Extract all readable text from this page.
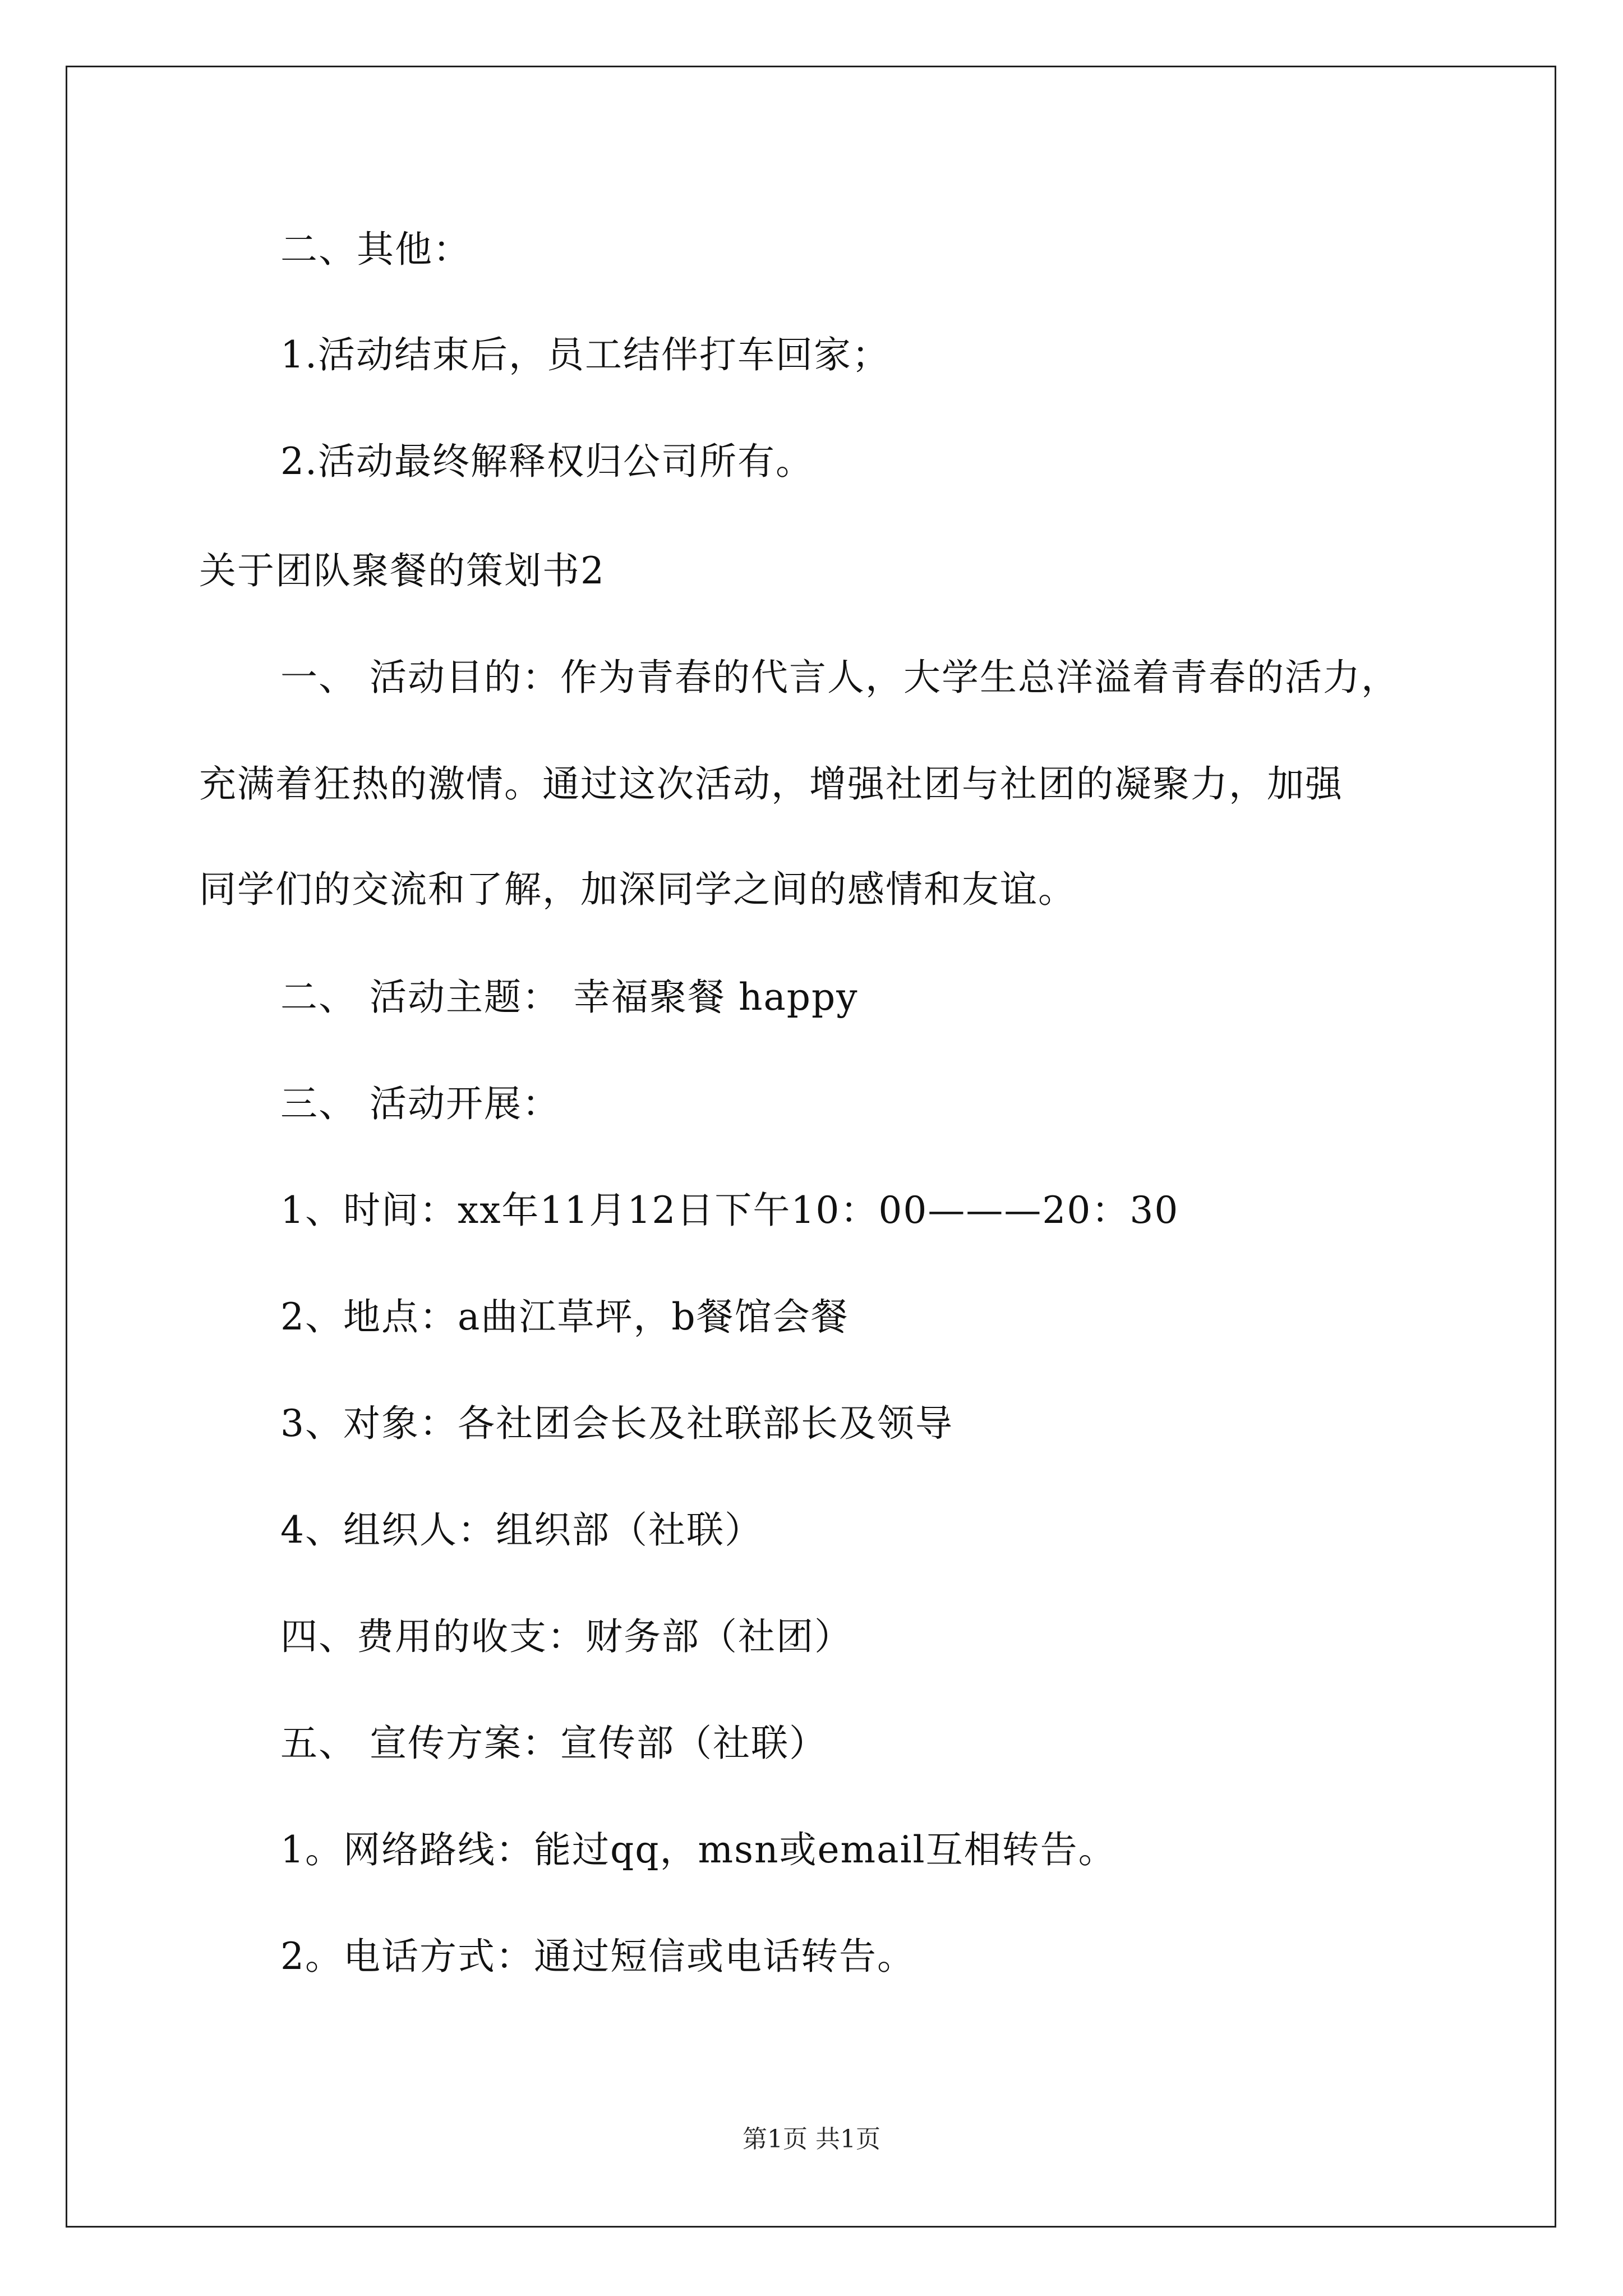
二、其他：
1.活动结束后，员工结伴打车回家；
2.活动最终解释权归公司所有。
关于团队聚餐的策划书2
一、 活动目的：作为青春的代言人，大学生总洋溢着青春的活力，
充满着狂热的激情。通过这次活动，增强社团与社团的凝聚力，加强
同学们的交流和了解，加深同学之间的感情和友谊。
二、 活动主题： 幸福聚餐 happy
三、 活动开展：
1、时间：xx年11月12日下午10：00———20：30
2、地点：a曲江草坪，b餐馆会餐
3、对象：各社团会长及社联部长及领导
4、组织人：组织部（社联）
四、费用的收支：财务部（社团）
五、 宣传方案：宣传部（社联）
1。网络路线：能过qq，msn或email互相转告。
2。电话方式：通过短信或电话转告。
第1页 共1页
